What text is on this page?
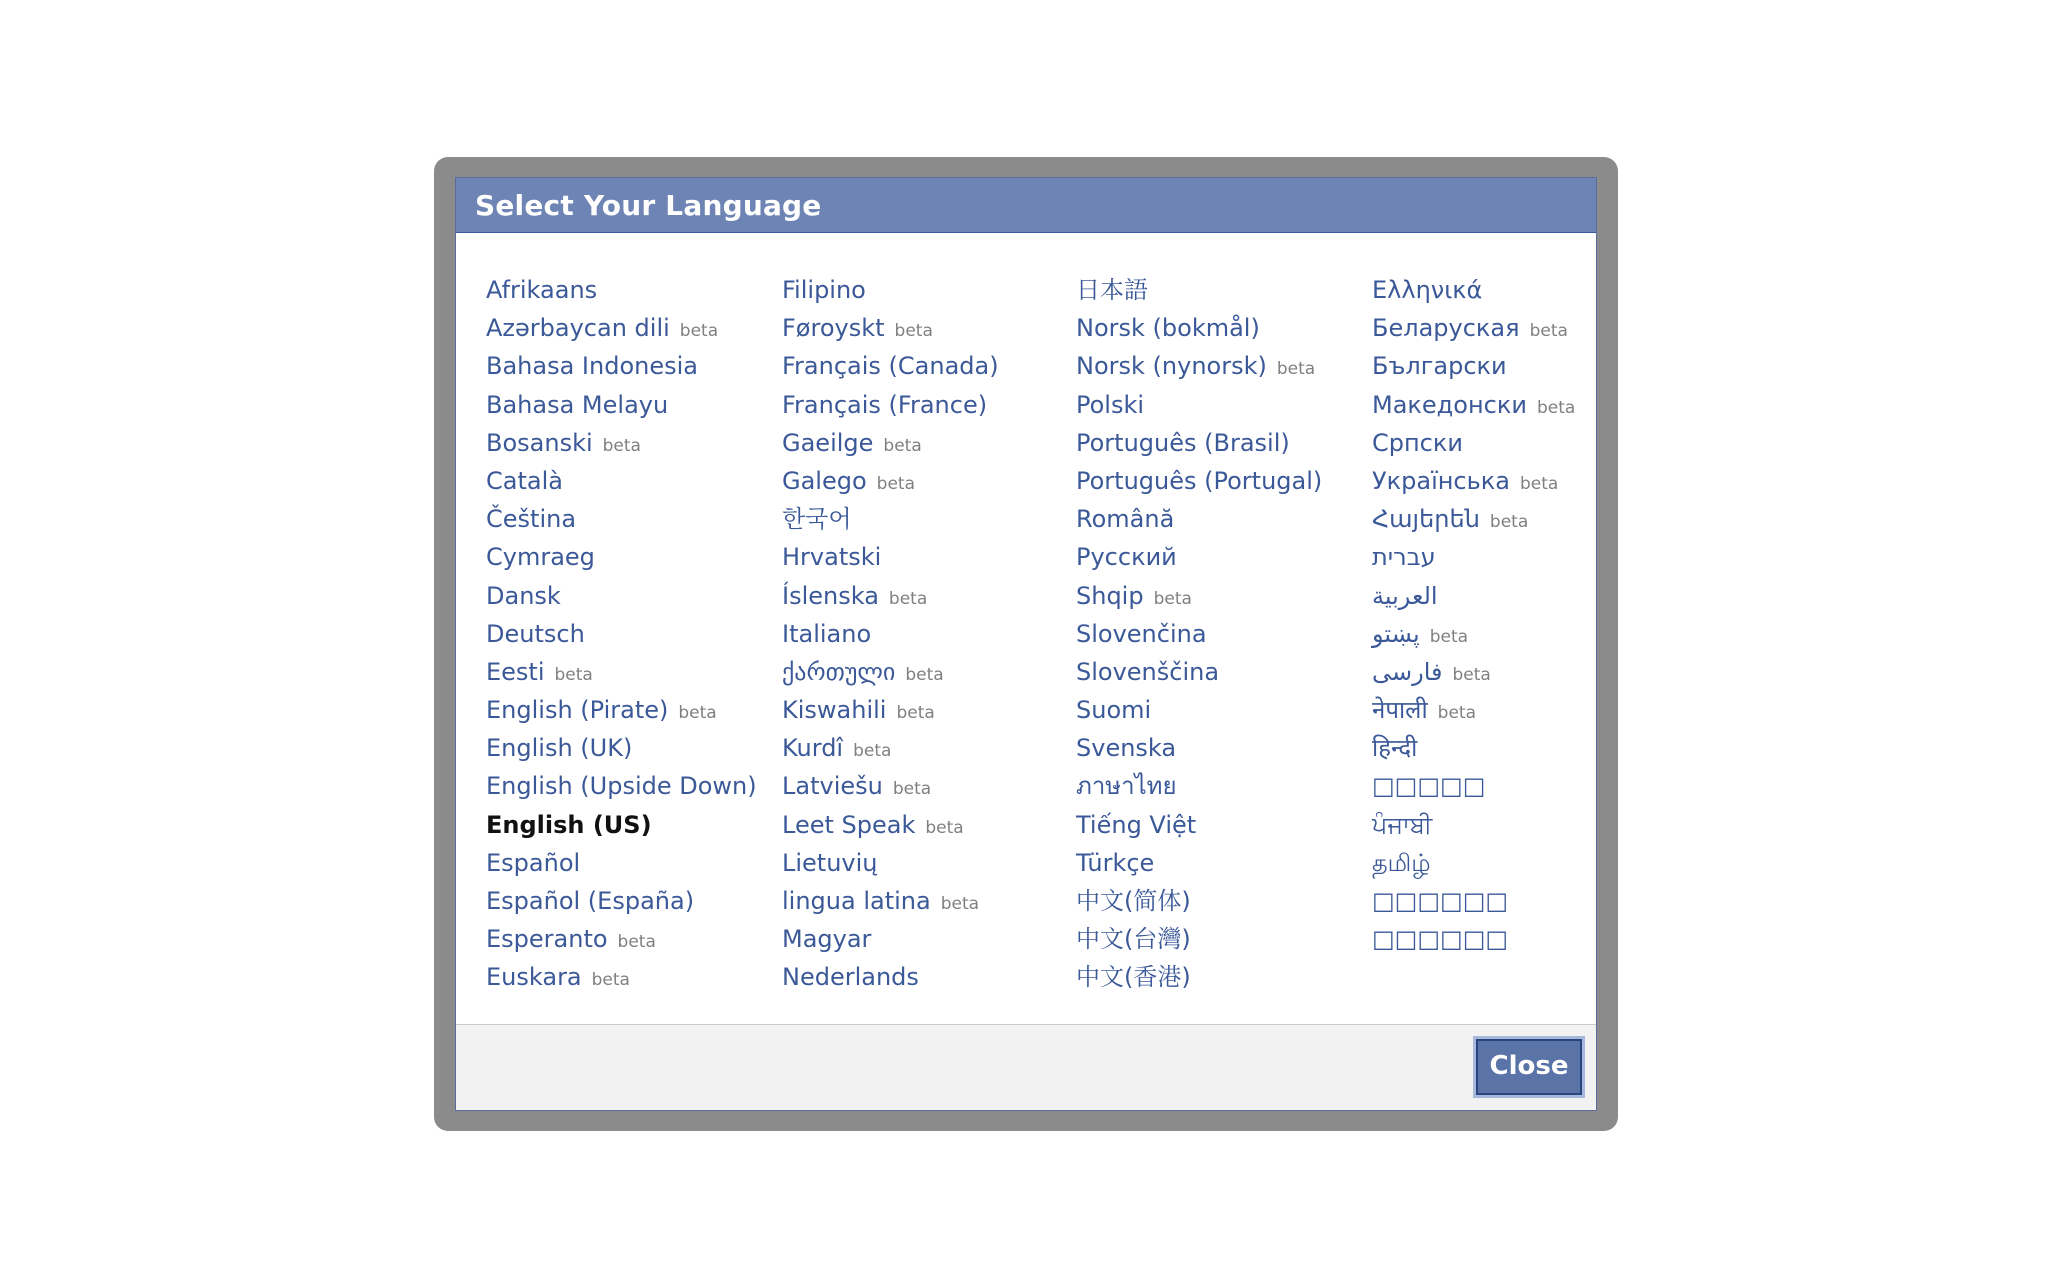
Select Your Language
Afrikaans
Azərbaycan dili beta
Bahasa Indonesia
Bahasa Melayu
Bosanski beta
Català
Čeština
Cymraeg
Dansk
Deutsch
Eesti beta
English (Pirate) beta
English (UK)
English (Upside Down)
English (US)
Español
Español (España)
Esperanto beta
Euskara beta
Filipino
Føroyskt beta
Français (Canada)
Français (France)
Gaeilge beta
Galego beta
한국어
Hrvatski
Íslenska beta
Italiano
ქართული beta
Kiswahili beta
Kurdî beta
Latviešu beta
Leet Speak beta
Lietuvių
lingua latina beta
Magyar
Nederlands
日本語
Norsk (bokmål)
Norsk (nynorsk) beta
Polski
Português (Brasil)
Português (Portugal)
Română
Русский
Shqip beta
Slovenčina
Slovenščina
Suomi
Svenska
ภาษาไทย
Tiếng Việt
Türkçe
中文(简体)
中文(台灣)
中文(香港)
Ελληνικά
Беларуская beta
Български
Македонски beta
Српски
Українська beta
Հայերեն beta
עברית
العربية
پښتو beta
فارسی beta
नेपाली beta
हिन्दी
□□□□□
ਪੰਜਾਬੀ
தமிழ்
□□□□□□
□□□□□□
Close
